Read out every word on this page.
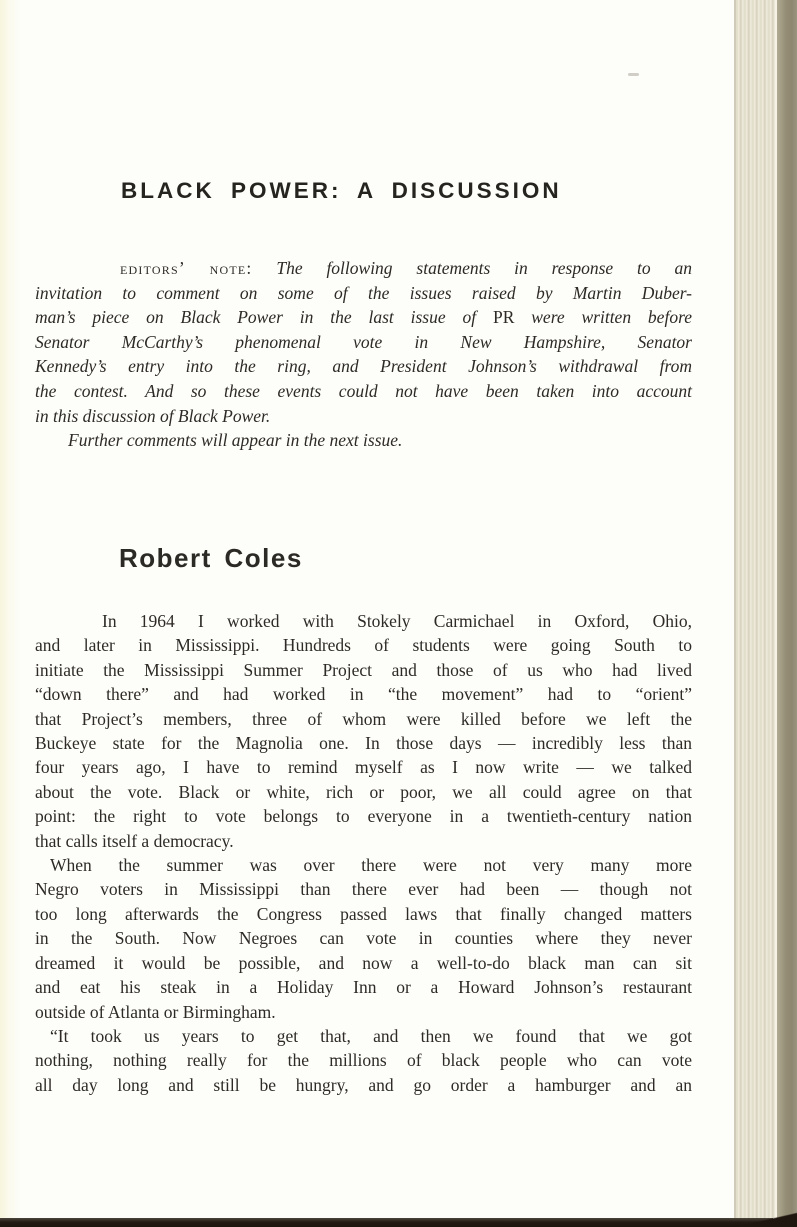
BLACK POWER: A DISCUSSION
editors’ note: The following statements in response to an
invitation to comment on some of the issues raised by Martin Duber-
man’s piece on Black Power in the last issue of PR were written before
Senator McCarthy’s phenomenal vote in New Hampshire, Senator
Kennedy’s entry into the ring, and President Johnson’s withdrawal from
the contest. And so these events could not have been taken into account
in this discussion of Black Power.
Further comments will appear in the next issue.
Robert Coles
In 1964 I worked with Stokely Carmichael in Oxford, Ohio,
and later in Mississippi. Hundreds of students were going South to
initiate the Mississippi Summer Project and those of us who had lived
“down there” and had worked in “the movement” had to “orient”
that Project’s members, three of whom were killed before we left the
Buckeye state for the Magnolia one. In those days — incredibly less than
four years ago, I have to remind myself as I now write — we talked
about the vote. Black or white, rich or poor, we all could agree on that
point: the right to vote belongs to everyone in a twentieth-century nation
that calls itself a democracy.
When the summer was over there were not very many more
Negro voters in Mississippi than there ever had been — though not
too long afterwards the Congress passed laws that finally changed matters
in the South. Now Negroes can vote in counties where they never
dreamed it would be possible, and now a well-to-do black man can sit
and eat his steak in a Holiday Inn or a Howard Johnson’s restaurant
outside of Atlanta or Birmingham.
“It took us years to get that, and then we found that we got
nothing, nothing really for the millions of black people who can vote
all day long and still be hungry, and go order a hamburger and an
